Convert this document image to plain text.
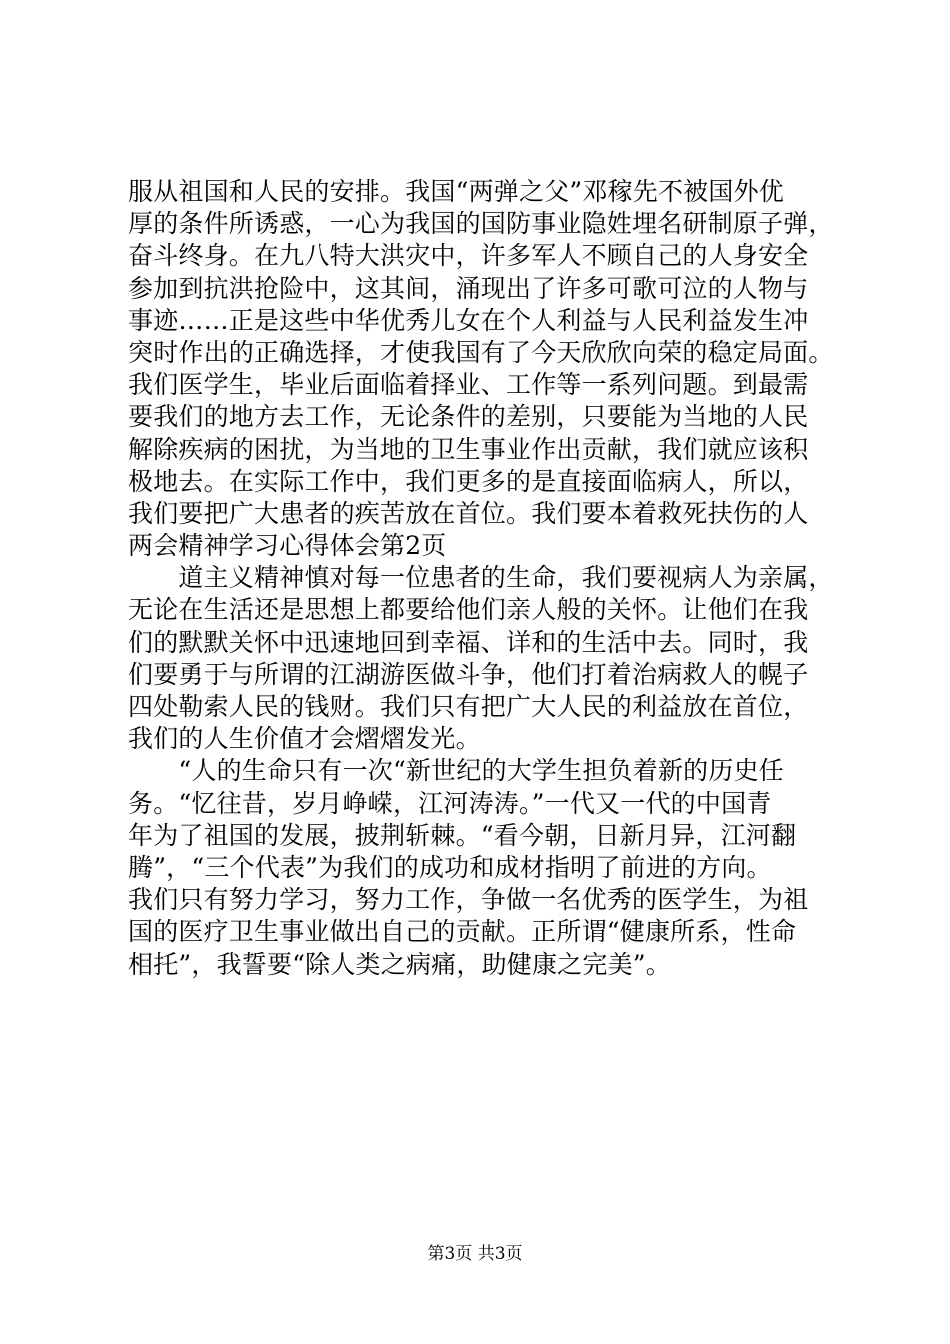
服从祖国和人民的安排。我国“两弹之父”邓稼先不被国外优
厚的条件所诱惑，一心为我国的国防事业隐姓埋名研制原子弹，
奋斗终身。在九八特大洪灾中，许多军人不顾自己的人身安全
参加到抗洪抢险中，这其间，涌现出了许多可歌可泣的人物与
事迹……正是这些中华优秀儿女在个人利益与人民利益发生冲
突时作出的正确选择，才使我国有了今天欣欣向荣的稳定局面。
我们医学生，毕业后面临着择业、工作等一系列问题。到最需
要我们的地方去工作，无论条件的差别，只要能为当地的人民
解除疾病的困扰，为当地的卫生事业作出贡献，我们就应该积
极地去。在实际工作中，我们更多的是直接面临病人，所以，
我们要把广大患者的疾苦放在首位。我们要本着救死扶伤的人
两会精神学习心得体会第2页
　　道主义精神慎对每一位患者的生命，我们要视病人为亲属，
无论在生活还是思想上都要给他们亲人般的关怀。让他们在我
们的默默关怀中迅速地回到幸福、详和的生活中去。同时，我
们要勇于与所谓的江湖游医做斗争，他们打着治病救人的幌子
四处勒索人民的钱财。我们只有把广大人民的利益放在首位，
我们的人生价值才会熠熠发光。
　　“人的生命只有一次“新世纪的大学生担负着新的历史任
务。“忆往昔，岁月峥嵘，江河涛涛。”一代又一代的中国青
年为了祖国的发展，披荆斩棘。“看今朝，日新月异，江河翻
腾”，“三个代表”为我们的成功和成材指明了前进的方向。
我们只有努力学习，努力工作，争做一名优秀的医学生，为祖
国的医疗卫生事业做出自己的贡献。正所谓“健康所系，性命
相托”，我誓要“除人类之病痛，助健康之完美”。
第3页 共3页
